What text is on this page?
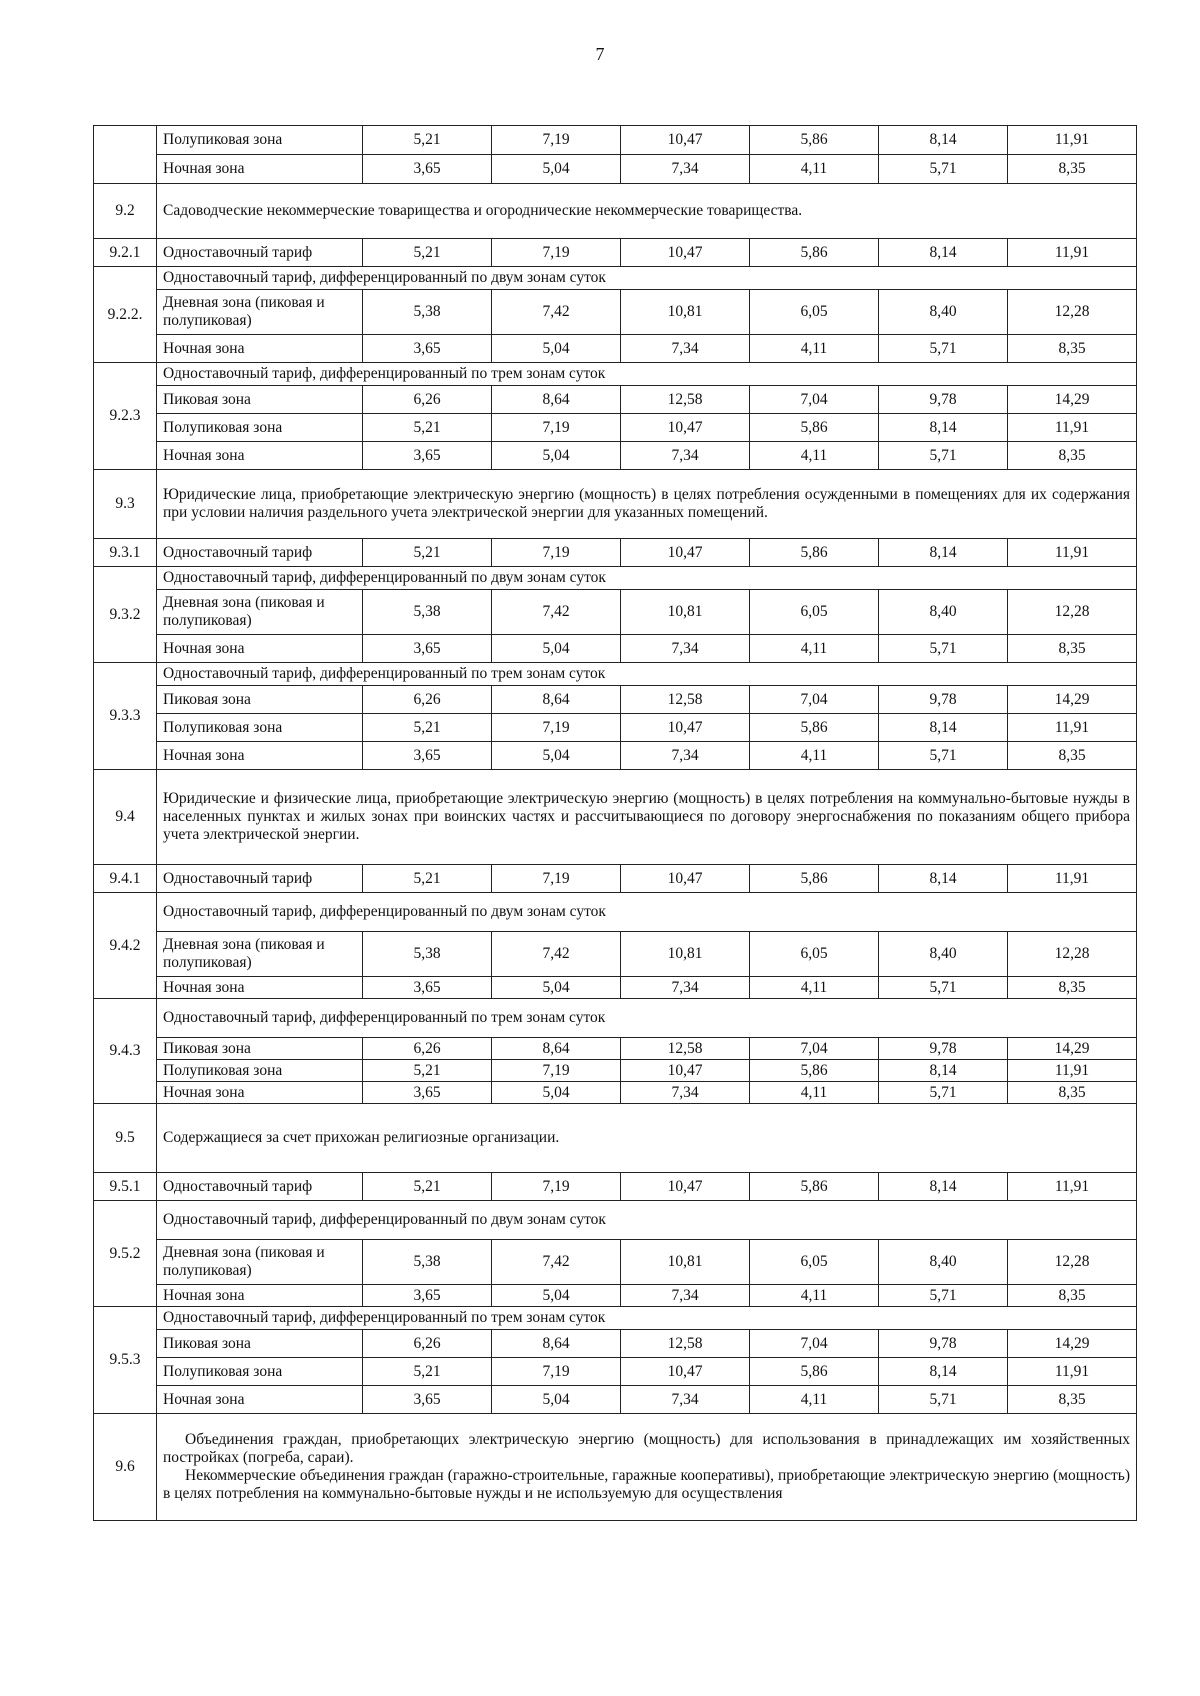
7
	Полупиковая зона	5,21	7,19	10,47	5,86	8,14	11,91
	Ночная зона	3,65	5,04	7,34	4,11	5,71	8,35
9.2	Садоводческие некоммерческие товарищества и огороднические некоммерческие товарищества.						
9.2.1	Одноставочный тариф	5,21	7,19	10,47	5,86	8,14	11,91
9.2.2.	Одноставочный тариф, дифференцированный по двум зонам суток						
	Дневная зона (пиковая и полупиковая)	5,38	7,42	10,81	6,05	8,40	12,28
	Ночная зона	3,65	5,04	7,34	4,11	5,71	8,35
9.2.3	Одноставочный тариф, дифференцированный по трем зонам суток						
	Пиковая зона	6,26	8,64	12,58	7,04	9,78	14,29
	Полупиковая зона	5,21	7,19	10,47	5,86	8,14	11,91
	Ночная зона	3,65	5,04	7,34	4,11	5,71	8,35
9.3	Юридические лица, приобретающие электрическую энергию (мощность) в целях потребления осужденными в помещениях для их содержания при условии наличия раздельного учета электрической энергии для указанных помещений.						
9.3.1	Одноставочный тариф	5,21	7,19	10,47	5,86	8,14	11,91
9.3.2	Одноставочный тариф, дифференцированный по двум зонам суток						
	Дневная зона (пиковая и полупиковая)	5,38	7,42	10,81	6,05	8,40	12,28
	Ночная зона	3,65	5,04	7,34	4,11	5,71	8,35
9.3.3	Одноставочный тариф, дифференцированный по трем зонам суток						
	Пиковая зона	6,26	8,64	12,58	7,04	9,78	14,29
	Полупиковая зона	5,21	7,19	10,47	5,86	8,14	11,91
	Ночная зона	3,65	5,04	7,34	4,11	5,71	8,35
9.4	Юридические и физические лица, приобретающие электрическую энергию (мощность) в целях потребления на коммунально-бытовые нужды в населенных пунктах и жилых зонах при воинских частях и рассчитывающиеся по договору энергоснабжения по показаниям общего прибора учета электрической энергии.						
9.4.1	Одноставочный тариф	5,21	7,19	10,47	5,86	8,14	11,91
9.4.2	Одноставочный тариф, дифференцированный по двум зонам суток						
	Дневная зона (пиковая и полупиковая)	5,38	7,42	10,81	6,05	8,40	12,28
	Ночная зона	3,65	5,04	7,34	4,11	5,71	8,35
9.4.3	Одноставочный тариф, дифференцированный по трем зонам суток						
	Пиковая зона	6,26	8,64	12,58	7,04	9,78	14,29
	Полупиковая зона	5,21	7,19	10,47	5,86	8,14	11,91
	Ночная зона	3,65	5,04	7,34	4,11	5,71	8,35
9.5	Содержащиеся за счет прихожан религиозные организации.						
9.5.1	Одноставочный тариф	5,21	7,19	10,47	5,86	8,14	11,91
9.5.2	Одноставочный тариф, дифференцированный по двум зонам суток						
	Дневная зона (пиковая и полупиковая)	5,38	7,42	10,81	6,05	8,40	12,28
	Ночная зона	3,65	5,04	7,34	4,11	5,71	8,35
9.5.3	Одноставочный тариф, дифференцированный по трем зонам суток						
	Пиковая зона	6,26	8,64	12,58	7,04	9,78	14,29
	Полупиковая зона	5,21	7,19	10,47	5,86	8,14	11,91
	Ночная зона	3,65	5,04	7,34	4,11	5,71	8,35
9.6	Объединения граждан, приобретающих электрическую энергию (мощность) для использования в принадлежащих им хозяйственных постройках (погреба, сараи).
Некоммерческие объединения граждан (гаражно-строительные, гаражные кооперативы), приобретающие электрическую энергию (мощность) в целях потребления на коммунально-бытовые нужды и не используемую для осуществления						
